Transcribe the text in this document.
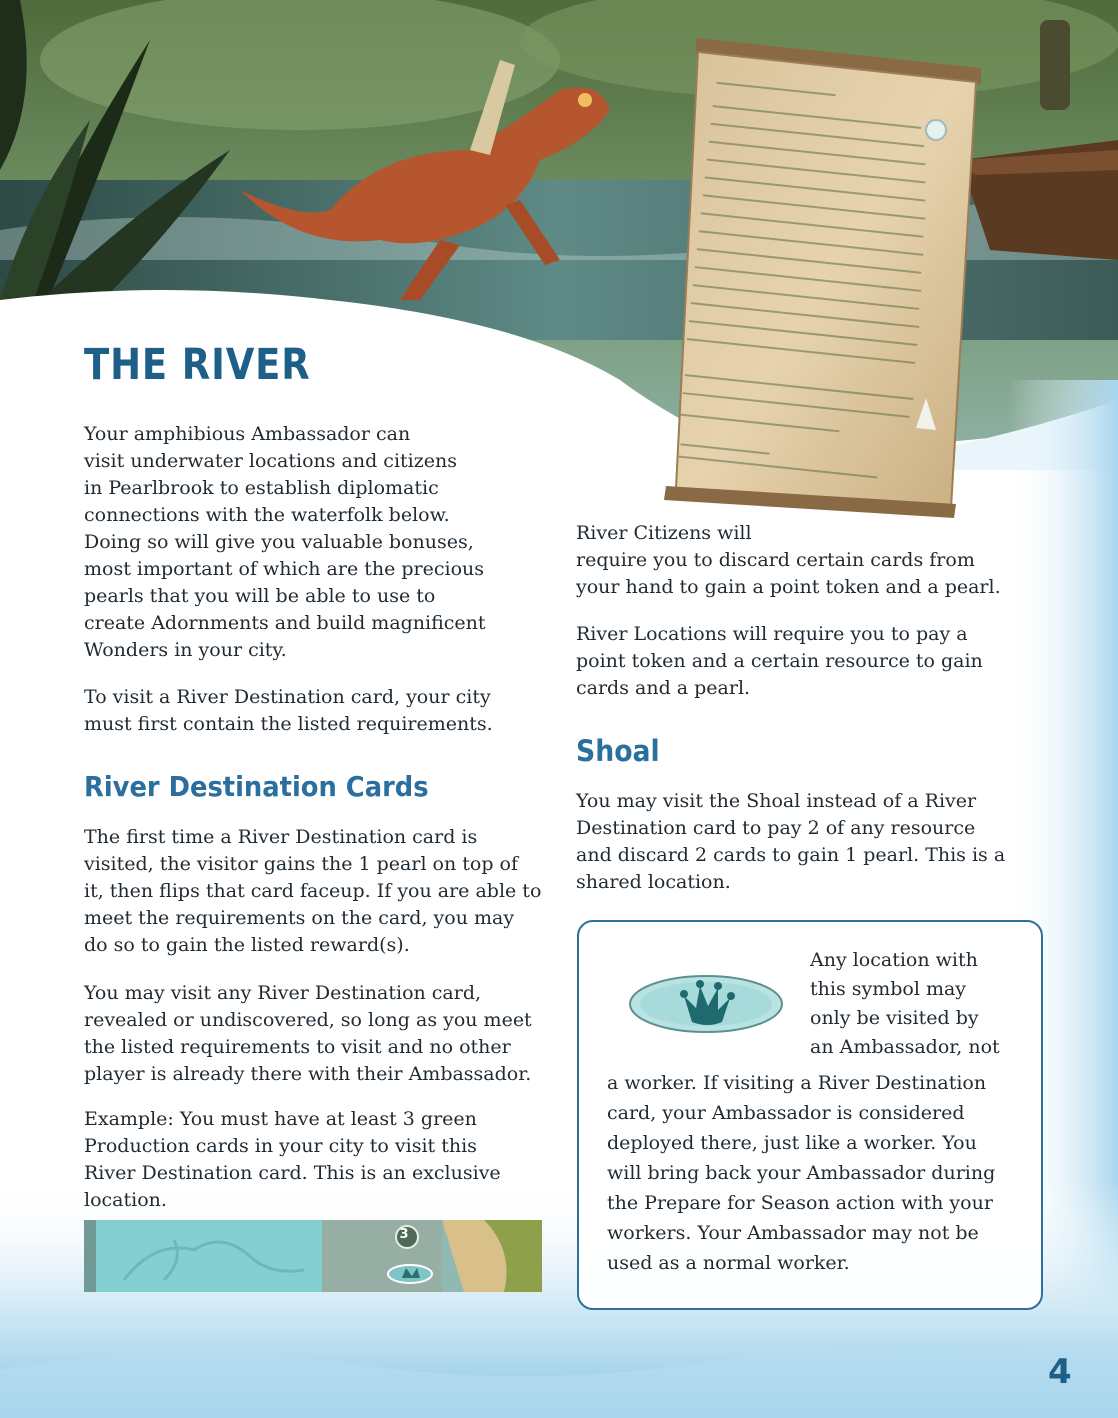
THE RIVER

Your amphibious Ambassador can
visit underwater locations and citizens
in Pearlbrook to establish diplomatic
connections with the waterfolk below.
Doing so will give you valuable bonuses,
most important of which are the precious
pearls that you will be able to use to
create Adornments and build magnificent
Wonders in your city.

To visit a River Destination card, your city
must first contain the listed requirements.

River Destination Cards

The first time a River Destination card is
visited, the visitor gains the 1 pearl on top of
it, then flips that card faceup. If you are able to
meet the requirements on the card, you may
do so to gain the listed reward(s).

You may visit any River Destination card,
revealed or undiscovered, so long as you meet
the listed requirements to visit and no other
player is already there with their Ambassador.

Example: You must have at least 3 green
Production cards in your city to visit this
River Destination card. This is an exclusive
location.

3

River Citizens will
require you to discard certain cards from
your hand to gain a point token and a pearl.

River Locations will require you to pay a
point token and a certain resource to gain
cards and a pearl.

Shoal

You may visit the Shoal instead of a River
Destination card to pay 2 of any resource
and discard 2 cards to gain 1 pearl. This is a
shared location.

Any location with
this symbol may
only be visited by
an Ambassador, not

a worker. If visiting a River Destination
card, your Ambassador is considered
deployed there, just like a worker. You
will bring back your Ambassador during
the Prepare for Season action with your
workers. Your Ambassador may not be
used as a normal worker.

4
